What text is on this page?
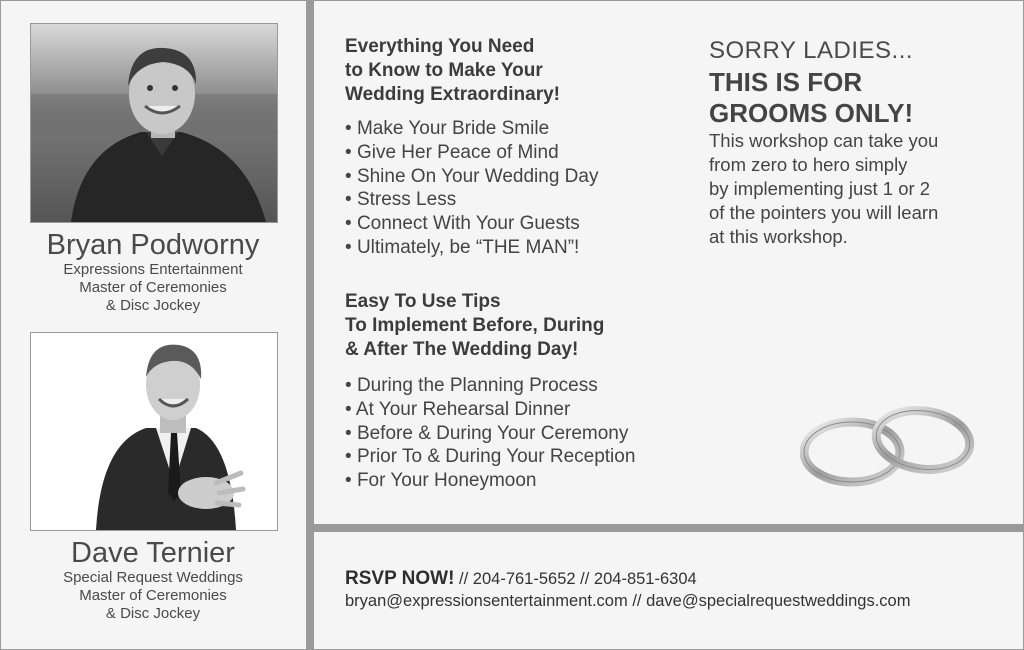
Bryan Podworny
Expressions Entertainment
Master of Ceremonies
& Disc Jockey
Dave Ternier
Special Request Weddings
Master of Ceremonies
& Disc Jockey
Everything You Need
to Know to Make Your
Wedding Extraordinary!
• Make Your Bride Smile
• Give Her Peace of Mind
• Shine On Your Wedding Day
• Stress Less
• Connect With Your Guests
• Ultimately, be “THE MAN”!
Easy To Use Tips
To Implement Before, During
& After The Wedding Day!
• During the Planning Process
• At Your Rehearsal Dinner
• Before & During Your Ceremony
• Prior To & During Your Reception
• For Your Honeymoon
SORRY LADIES...
THIS IS FOR
GROOMS ONLY!
This workshop can take you
from zero to hero simply
by implementing just 1 or 2
of the pointers you will learn
at this workshop.
RSVP NOW! // 204-761-5652 // 204-851-6304
bryan@expressionsentertainment.com // dave@specialrequestweddings.com
